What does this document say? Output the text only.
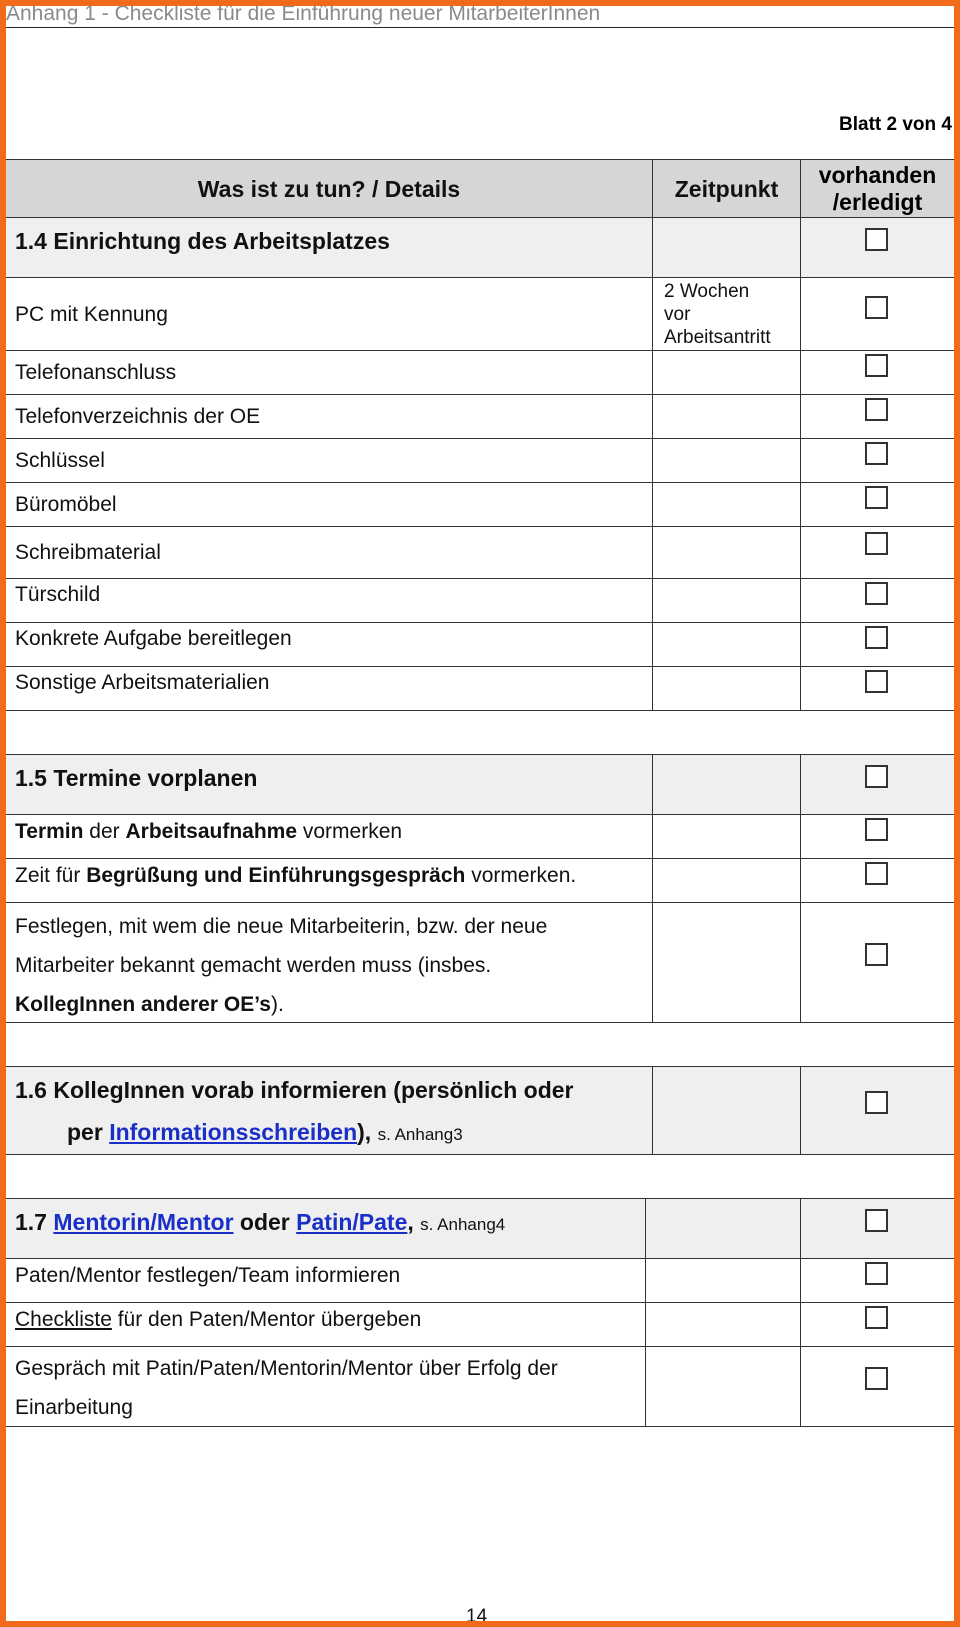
Anhang 1 - Checkliste für die Einführung neuer MitarbeiterInnen
Blatt 2 von 4
Was ist zu tun? / Details	Zeitpunkt
vorhanden
/erledigt
1.4 Einrichtung des Arbeitsplatzes
PC mit Kennung
2 Wochen
vor
Arbeitsantritt
Telefonanschluss
Telefonverzeichnis der OE
Schlüssel
Büromöbel
Schreibmaterial
Türschild
Konkrete Aufgabe bereitlegen
Sonstige Arbeitsmaterialien
1.5 Termine vorplanen
Termin der Arbeitsaufnahme vormerken
Zeit für Begrüßung und Einführungsgespräch vormerken.
Festlegen, mit wem die neue Mitarbeiterin, bzw. der neue
Mitarbeiter bekannt gemacht werden muss (insbes.
KollegInnen anderer OE’s).
1.6 KollegInnen vorab informieren (persönlich oder
per Informationsschreiben), s. Anhang3
1.7 Mentorin/Mentor oder Patin/Pate, s. Anhang4
Paten/Mentor festlegen/Team informieren
Checkliste für den Paten/Mentor übergeben
Gespräch mit Patin/Paten/Mentorin/Mentor über Erfolg der
Einarbeitung
14
